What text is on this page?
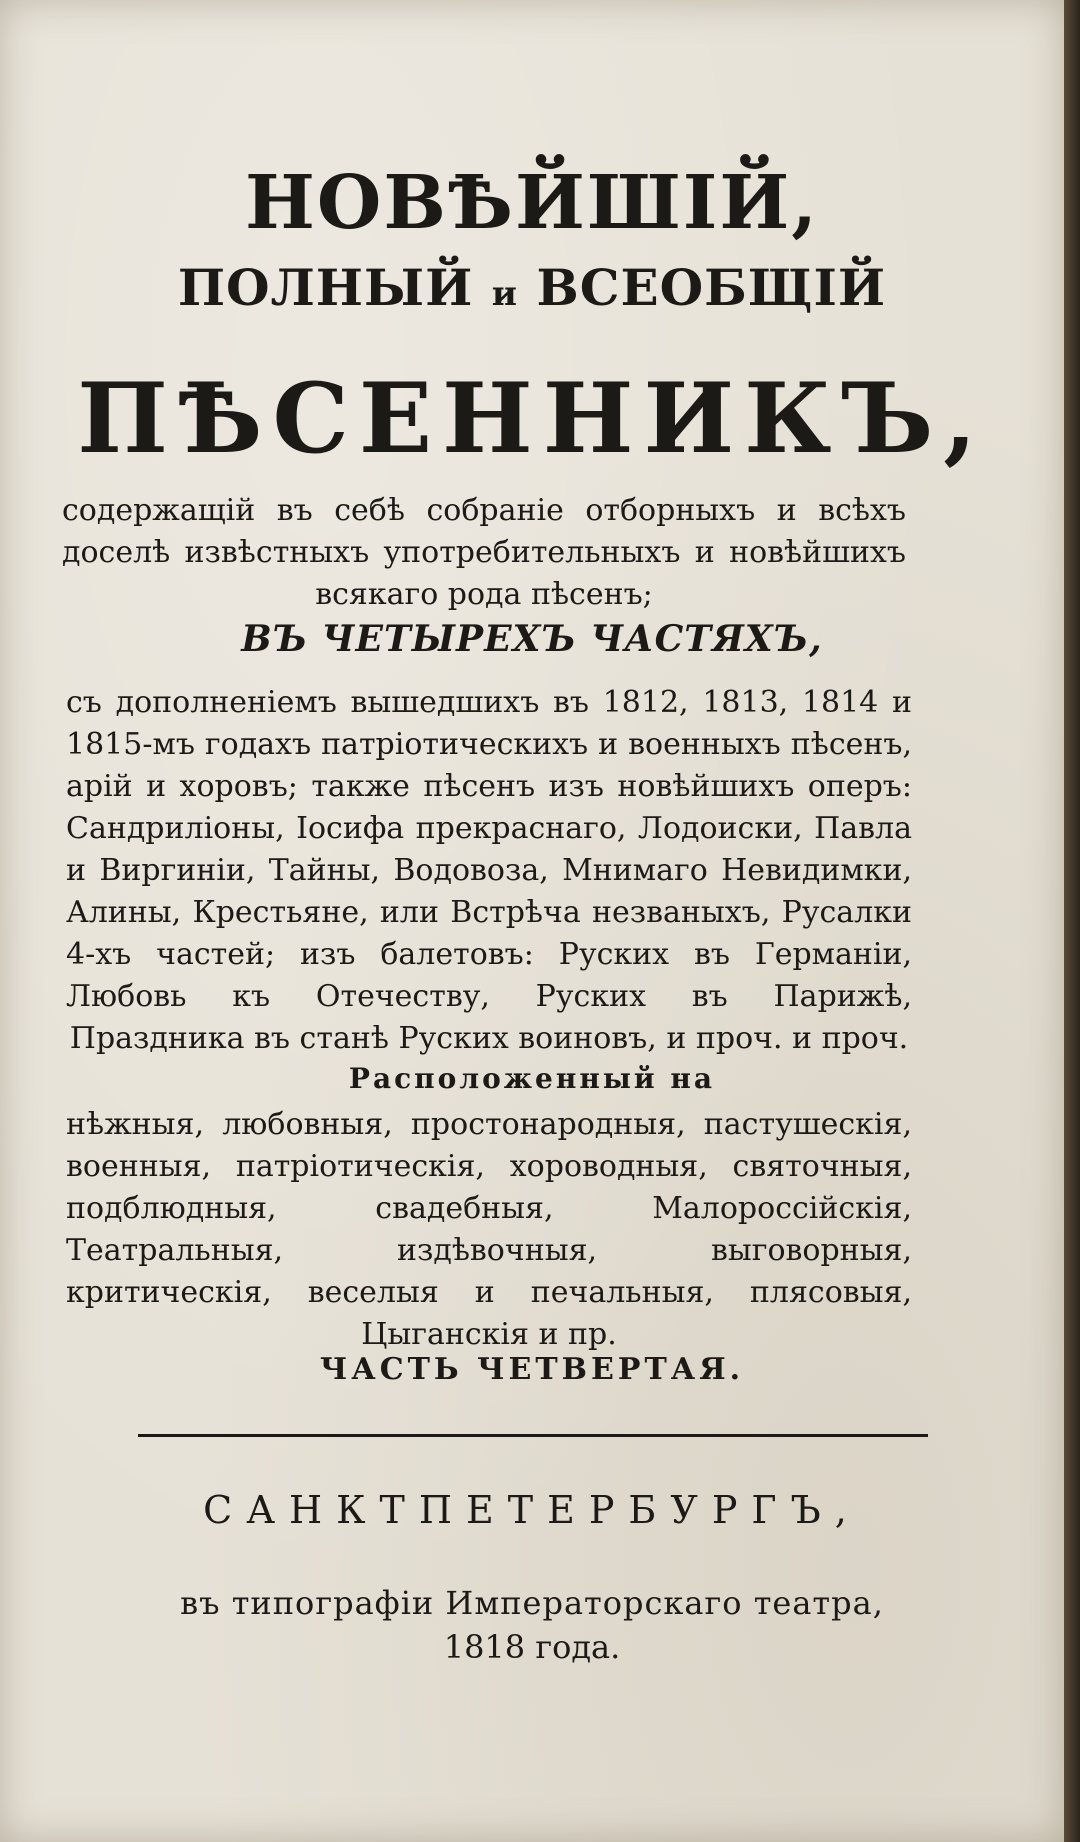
НОВѢЙШІЙ,
ПОЛНЫЙ и ВСЕОБЩІЙ
ПѢСЕННИКЪ,
содержащій въ себѣ собраніе отборныхъ и всѣхъ доселѣ извѣстныхъ употребительныхъ и новѣйшихъ всякаго рода пѣсенъ;
ВЪ ЧЕТЫРЕХЪ ЧАСТЯХЪ,
съ дополненіемъ вышедшихъ въ 1812, 1813, 1814 и 1815-мъ годахъ патріотическихъ и военныхъ пѣсенъ, арій и хоровъ; также пѣсенъ изъ новѣйшихъ оперъ: Сандриліоны, Іосифа прекраснаго, Лодоиски, Павла и Виргиніи, Тайны, Водовоза, Мнимаго Невидимки, Алины, Крестьяне, или Встрѣча незваныхъ, Русалки 4-хъ частей; изъ балетовъ: Руских въ Германіи, Любовь къ Отечеству, Руских въ Парижѣ, Праздника въ станѣ Руских воиновъ, и проч. и проч.
Расположенный на
нѣжныя, любовныя, простонародныя, пастушескія, военныя, патріотическія, хороводныя, святочныя, подблюдныя, свадебныя, Малороссійскія, Театральныя, издѣвочныя, выговорныя, критическія, веселыя и печальныя, плясовыя, Цыганскія и пр.
ЧАСТЬ ЧЕТВЕРТАЯ.
САНКТПЕТЕРБУРГЪ,
въ типографіи Императорскаго театра,
1818 года.
